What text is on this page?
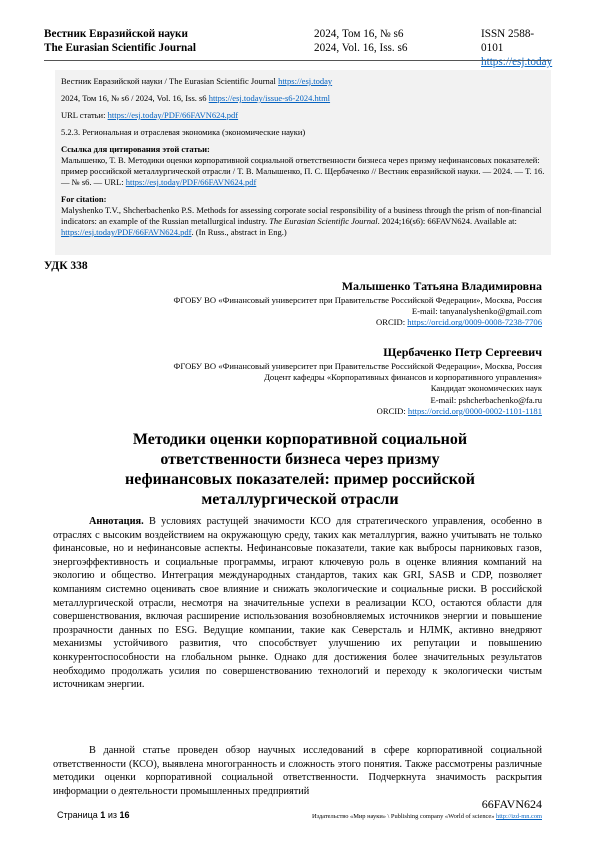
Вестник Евразийской науки
The Eurasian Scientific Journal
2024, Том 16, № s6
2024, Vol. 16, Iss. s6
ISSN 2588-0101
https://esj.today

Вестник Евразийской науки / The Eurasian Scientific Journal https://esj.today

2024, Том 16, № s6 / 2024, Vol. 16, Iss. s6 https://esj.today/issue-s6-2024.html

URL статьи: https://esj.today/PDF/66FAVN624.pdf

5.2.3. Региональная и отраслевая экономика (экономические науки)

Ссылка для цитирования этой статьи:
Малышенко, Т. В. Методики оценки корпоративной социальной ответственности бизнеса через призму нефинансовых показателей: пример российской металлургической отрасли / Т. В. Малышенко, П. С. Щербаченко // Вестник евразийской науки. — 2024. — Т. 16. — № s6. — URL: https://esj.today/PDF/66FAVN624.pdf
For citation:
Malyshenko T.V., Shcherbachenko P.S. Methods for assessing corporate social responsibility of a business through the prism of non-financial indicators: an example of the Russian metallurgical industry. The Eurasian Scientific Journal. 2024;16(s6): 66FAVN624. Available at: https://esj.today/PDF/66FAVN624.pdf. (In Russ., abstract in Eng.)
УДК 338
Малышенко Татьяна Владимировна
ФГОБУ ВО «Финансовый университет при Правительстве Российской Федерации», Москва, Россия
E-mail: tanyanalyshenko@gmail.com
ORCID: https://orcid.org/0009-0008-7238-7706
Щербаченко Петр Сергеевич
ФГОБУ ВО «Финансовый университет при Правительстве Российской Федерации», Москва, Россия
Доцент кафедры «Корпоративных финансов и корпоративного управления»
Кандидат экономических наук
E-mail: pshcherbachenko@fa.ru
ORCID: https://orcid.org/0000-0002-1101-1181
Методики оценки корпоративной социальной ответственности бизнеса через призму нефинансовых показателей: пример российской металлургической отрасли

Аннотация. В условиях растущей значимости КСО для стратегического управления, особенно в отраслях с высоким воздействием на окружающую среду, таких как металлургия, важно учитывать не только финансовые, но и нефинансовые аспекты. Нефинансовые показатели, такие как выбросы парниковых газов, энергоэффективность и социальные программы, играют ключевую роль в оценке влияния компаний на экологию и общество. Интеграция международных стандартов, таких как GRI, SASB и CDP, позволяет компаниям системно оценивать свое влияние и снижать экологические и социальные риски. В российской металлургической отрасли, несмотря на значительные успехи в реализации КСО, остаются области для совершенствования, включая расширение использования возобновляемых источников энергии и повышение прозрачности данных по ESG. Ведущие компании, такие как Северсталь и НЛМК, активно внедряют механизмы устойчивого развития, что способствует улучшению их репутации и повышению конкурентоспособности на глобальном рынке. Однако для достижения более значительных результатов необходимо продолжать усилия по совершенствованию технологий и переходу к экологически чистым источникам энергии.

В данной статье проведен обзор научных исследований в сфере корпоративной социальной ответственности (КСО), выявлена многогранность и сложность этого понятия. Также рассмотрены различные методики оценки корпоративной социальной ответственности. Подчеркнута значимость раскрытия информации о деятельности промышленных предприятий

Страница 1 из 16
66FAVN624
Издательство «Мир науки» \ Publishing company «World of science» http://izd-mn.com
